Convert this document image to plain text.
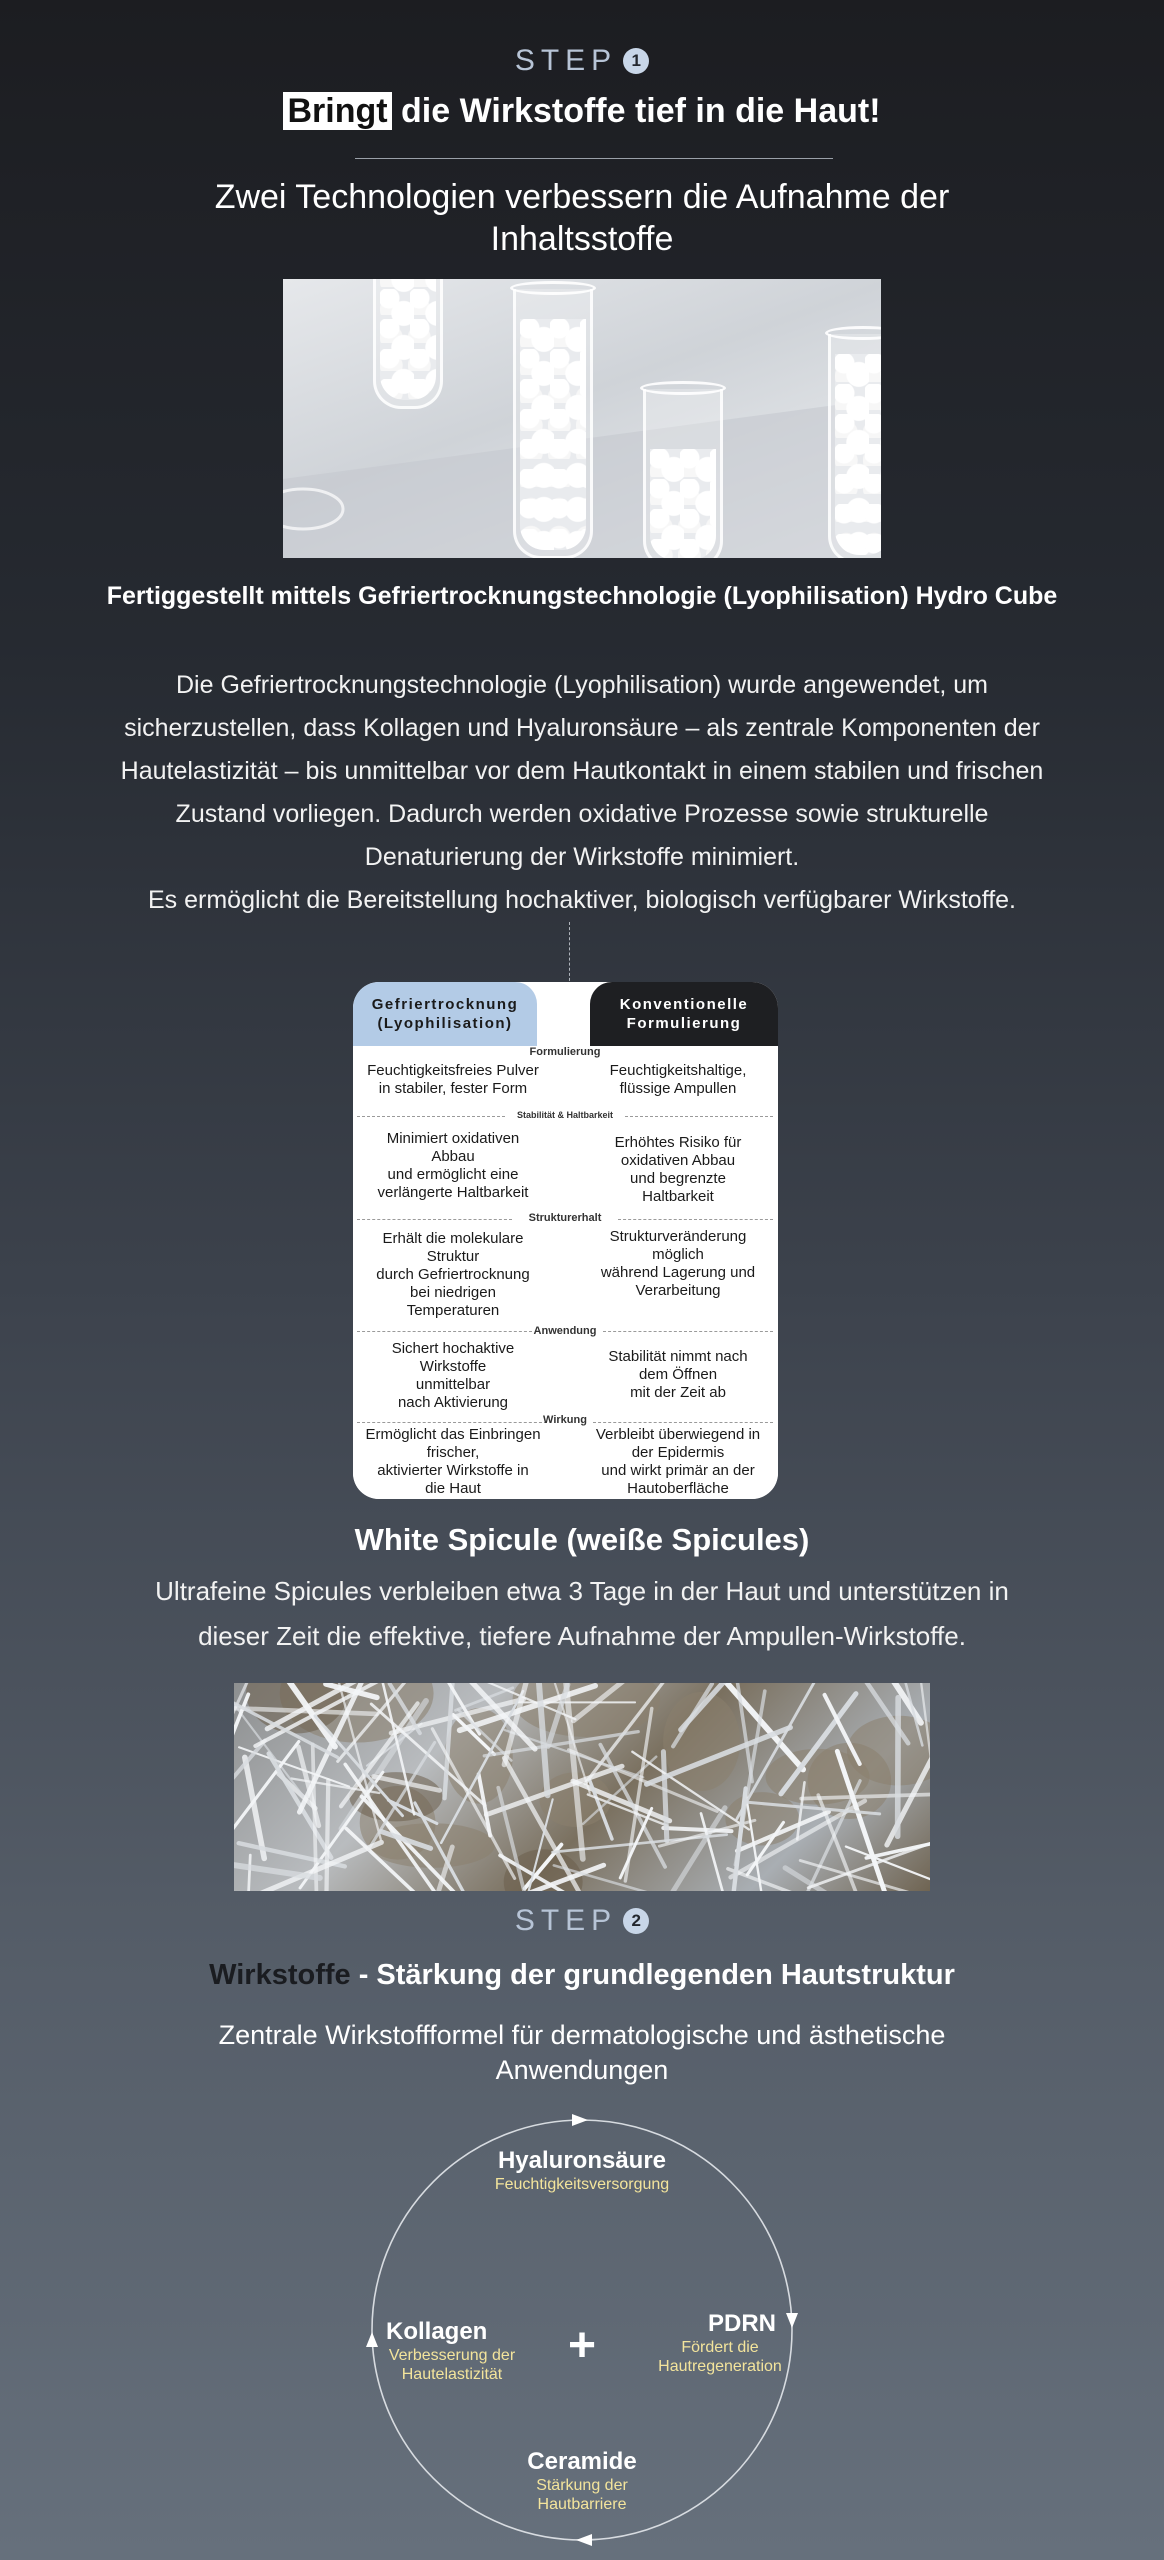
STEP 1
Bringt die Wirkstoffe tief in die Haut!
Zwei Technologien verbessern die Aufnahme der
Inhaltsstoffe
Fertiggestellt mittels Gefriertrocknungstechnologie (Lyophilisation) Hydro Cube
Die Gefriertrocknungstechnologie (Lyophilisation) wurde angewendet, um
sicherzustellen, dass Kollagen und Hyaluronsäure – als zentrale Komponenten der
Hautelastizität – bis unmittelbar vor dem Hautkontakt in einem stabilen und frischen
Zustand vorliegen. Dadurch werden oxidative Prozesse sowie strukturelle
Denaturierung der Wirkstoffe minimiert.
Es ermöglicht die Bereitstellung hochaktiver, biologisch verfügbarer Wirkstoffe.
Gefriertrocknung
(Lyophilisation)
Konventionelle
Formulierung
Formulierung
Feuchtigkeitsfreies Pulver
in stabiler, fester Form
Feuchtigkeitshaltige,
flüssige Ampullen
Stabilität & Haltbarkeit
Minimiert oxidativen
Abbau
und ermöglicht eine
verlängerte Haltbarkeit
Erhöhtes Risiko für
oxidativen Abbau
und begrenzte
Haltbarkeit
Strukturerhalt
Erhält die molekulare
Struktur
durch Gefriertrocknung
bei niedrigen
Temperaturen
Strukturveränderung
möglich
während Lagerung und
Verarbeitung
Anwendung
Sichert hochaktive
Wirkstoffe
unmittelbar
nach Aktivierung
Stabilität nimmt nach
dem Öffnen
mit der Zeit ab
Wirkung
Ermöglicht das Einbringen
frischer,
aktivierter Wirkstoffe in
die Haut
Verbleibt überwiegend in
der Epidermis
und wirkt primär an der
Hautoberfläche
White Spicule (weiße Spicules)
Ultrafeine Spicules verbleiben etwa 3 Tage in der Haut und unterstützen in
dieser Zeit die effektive, tiefere Aufnahme der Ampullen-Wirkstoffe.
STEP 2
Wirkstoffe - Stärkung der grundlegenden Hautstruktur
Zentrale Wirkstoffformel für dermatologische und ästhetische
Anwendungen
+
Hyaluronsäure
Feuchtigkeitsversorgung
PDRN
Fördert die
Hautregeneration
Ceramide
Stärkung der
Hautbarriere
Kollagen
Verbesserung der
Hautelastizität
